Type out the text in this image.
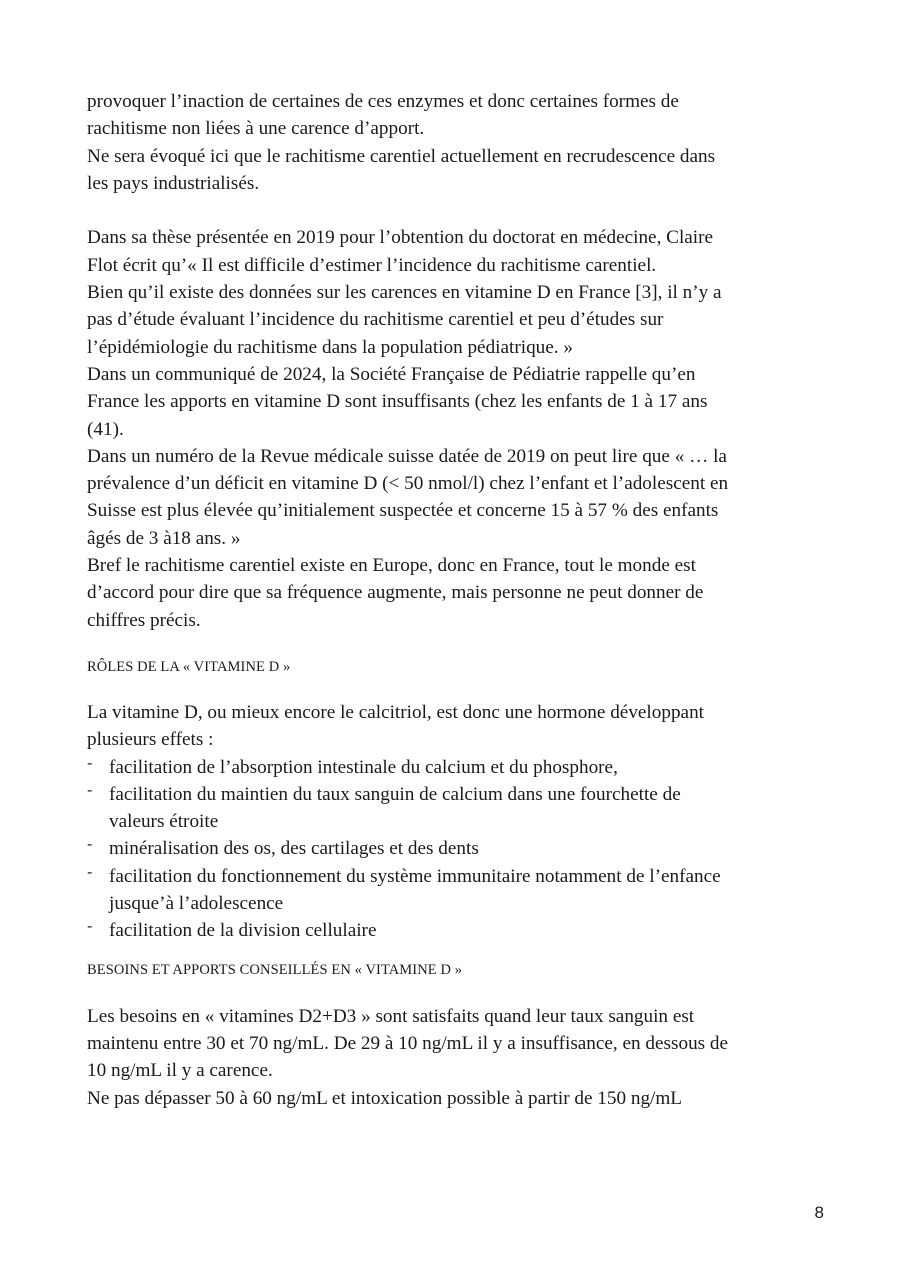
provoquer l’inaction de certaines de ces enzymes et donc certaines formes de

rachitisme non liées à une carence d’apport.

Ne sera évoqué ici que le rachitisme carentiel actuellement en recrudescence dans

les pays industrialisés.

Dans sa thèse présentée en 2019 pour l’obtention du doctorat en médecine, Claire

Flot écrit qu’« Il est difficile d’estimer l’incidence du rachitisme carentiel.

Bien qu’il existe des données sur les carences en vitamine D en France [3], il n’y a

pas d’étude évaluant l’incidence du rachitisme carentiel et peu d’études sur

l’épidémiologie du rachitisme dans la population pédiatrique. »

Dans un communiqué de 2024, la Société Française de Pédiatrie rappelle qu’en

France les apports en vitamine D sont insuffisants (chez les enfants de 1 à 17 ans

(41).

Dans un numéro de la Revue médicale suisse datée de 2019 on peut lire que « … la

prévalence d’un déficit en vitamine D (< 50 nmol/l) chez l’enfant et l’adolescent en

Suisse est plus élevée qu’initialement suspectée et concerne 15 à 57 % des enfants

âgés de 3 à18 ans. »

Bref le rachitisme carentiel existe en Europe, donc en France, tout le monde est

d’accord pour dire que sa fréquence augmente, mais personne ne peut donner de

chiffres précis.

RÔLES DE LA « VITAMINE D »

La vitamine D, ou mieux encore le calcitriol, est donc une hormone développant

plusieurs effets :

- facilitation de l’absorption intestinale du calcium et du phosphore,

- facilitation du maintien du taux sanguin de calcium dans une fourchette de

valeurs étroite

- minéralisation des os, des cartilages et des dents

- facilitation du fonctionnement du système immunitaire notamment de l’enfance

jusque’à l’adolescence

- facilitation de la division cellulaire

BESOINS ET APPORTS CONSEILLÉS EN « VITAMINE D »

Les besoins en « vitamines D2+D3 » sont satisfaits quand leur taux sanguin est

maintenu entre 30 et 70 ng/mL. De 29 à 10 ng/mL il y a insuffisance, en dessous de

10 ng/mL il y a carence.

Ne pas dépasser 50 à 60 ng/mL et intoxication possible à partir de 150 ng/mL

8
